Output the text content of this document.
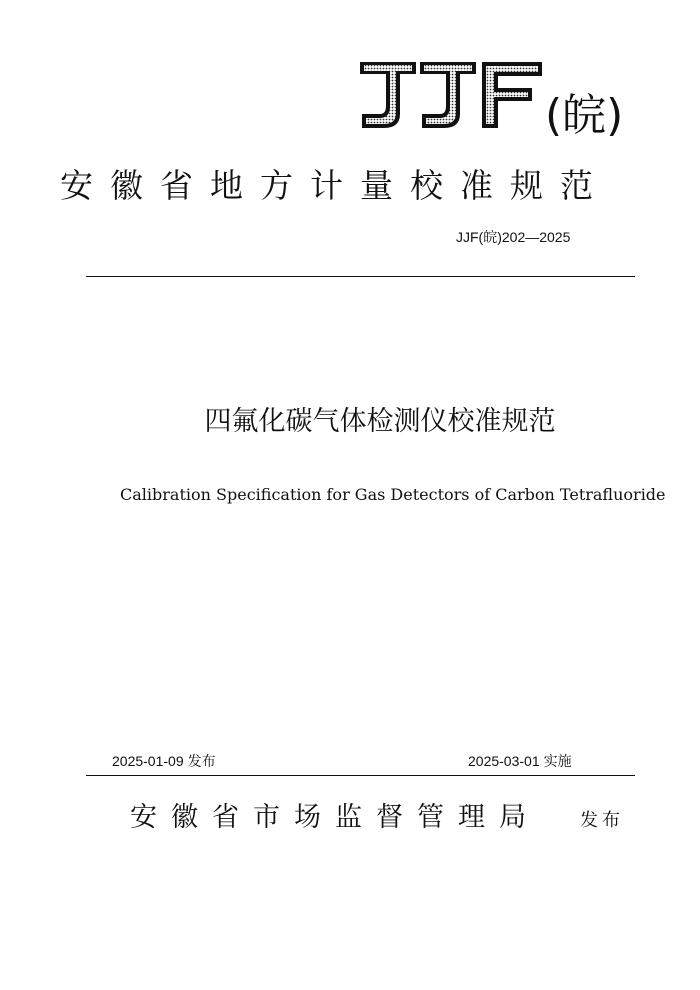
(皖)
安徽省地方计量校准规范
JJF(皖)202—2025
四氟化碳气体检测仪校准规范
Calibration Specification for Gas Detectors of Carbon Tetrafluoride
2025-01-09 发布	2025-03-01 实施
安徽省市场监督管理局 发布
